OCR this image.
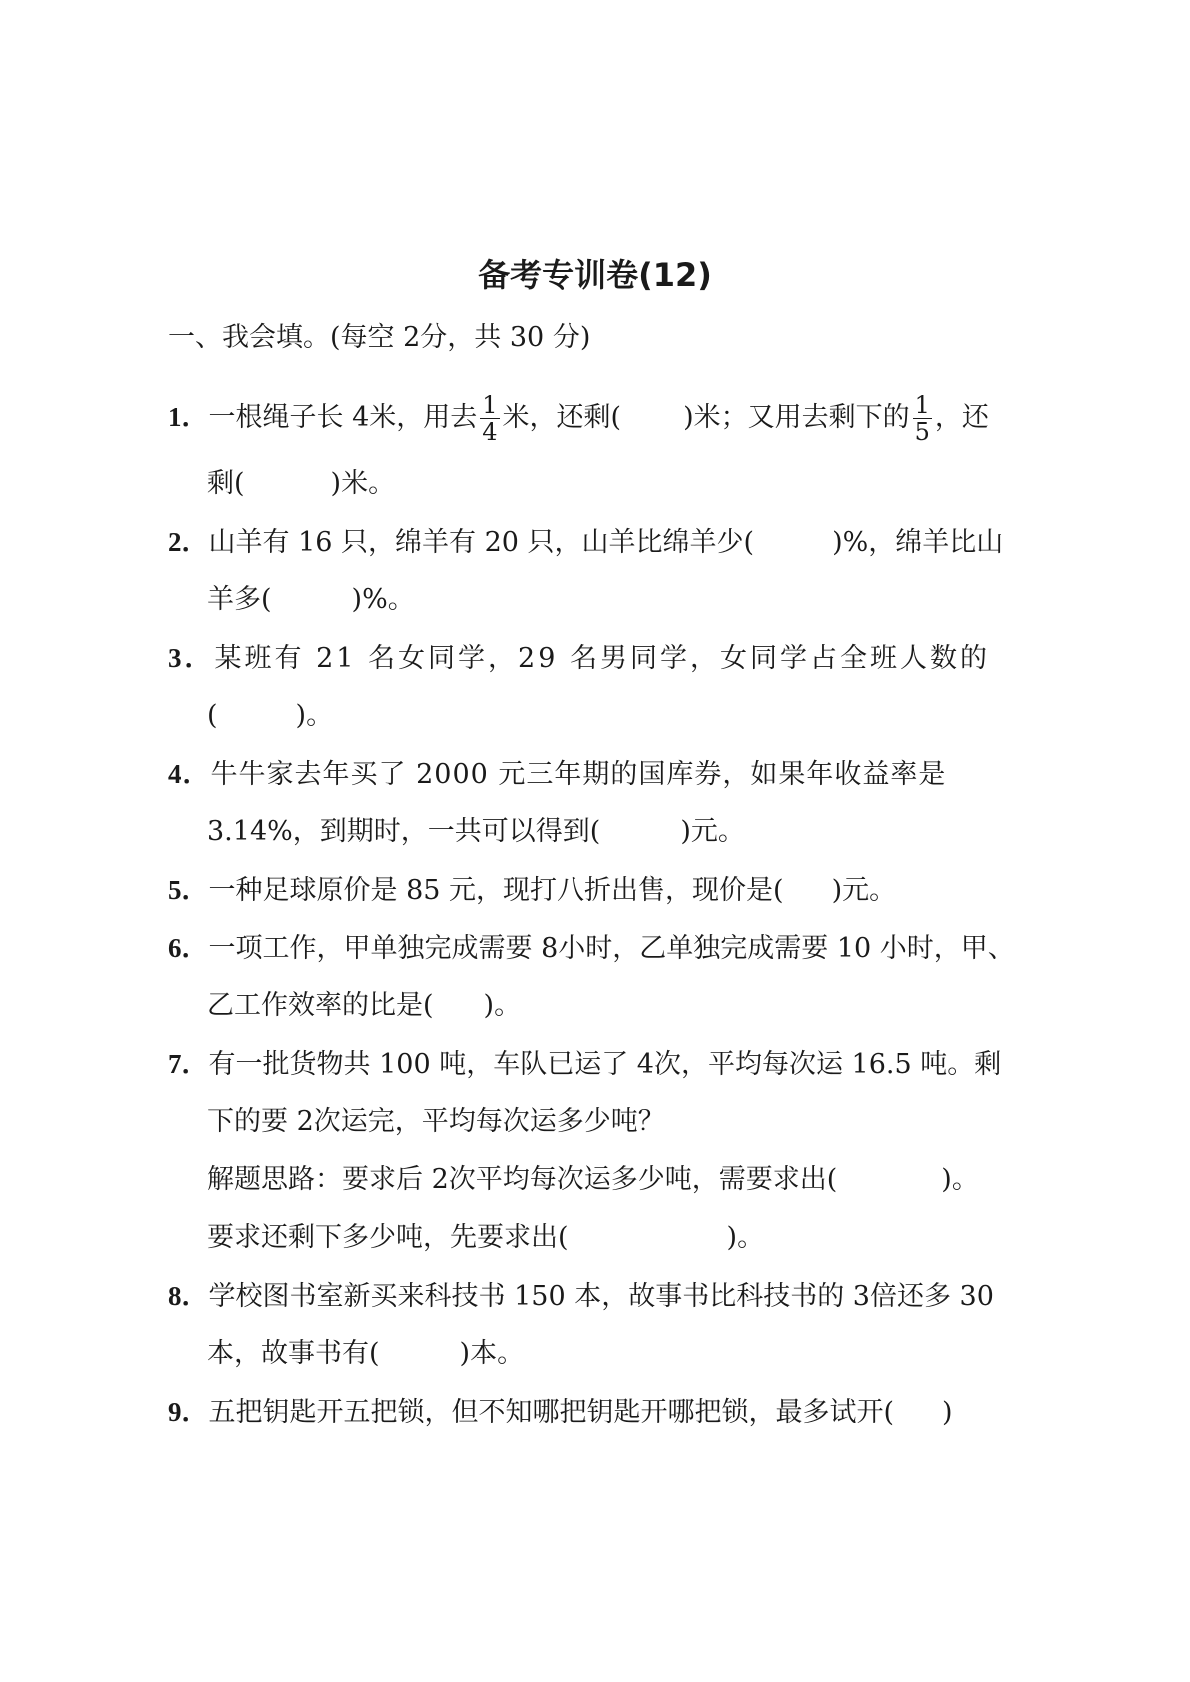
备考专训卷(12)
一、我会填。(每空 2分，共 30 分)
1．一根绳子长 4米，用去 $\frac{1}{4}$ 米，还剩( )米；又用去剩下的 $\frac{1}{5}$ ，还
剩(	)米。
2．山羊有 16 只，绵羊有 20 只，山羊比绵羊少(	)%，绵羊比山
羊多(	)%。
3．某班有 21 名女同学，29 名男同学，女同学占全班人数的
(	)。
4．牛牛家去年买了 2000 元三年期的国库券，如果年收益率是
3.14%，到期时，一共可以得到(	)元。
5．一种足球原价是 85 元，现打八折出售，现价是( )元。
6．一项工作，甲单独完成需要 8小时，乙单独完成需要 10 小时，甲、
乙工作效率的比是( )。
7．有一批货物共 100 吨，车队已运了 4次，平均每次运 16.5 吨。剩
下的要 2次运完，平均每次运多少吨？
解题思路：要求后 2次平均每次运多少吨，需要求出(	)。
要求还剩下多少吨，先要求出(	)。
8．学校图书室新买来科技书 150 本，故事书比科技书的 3倍还多 30
本，故事书有(	)本。
9．五把钥匙开五把锁，但不知哪把钥匙开哪把锁，最多试开( )
